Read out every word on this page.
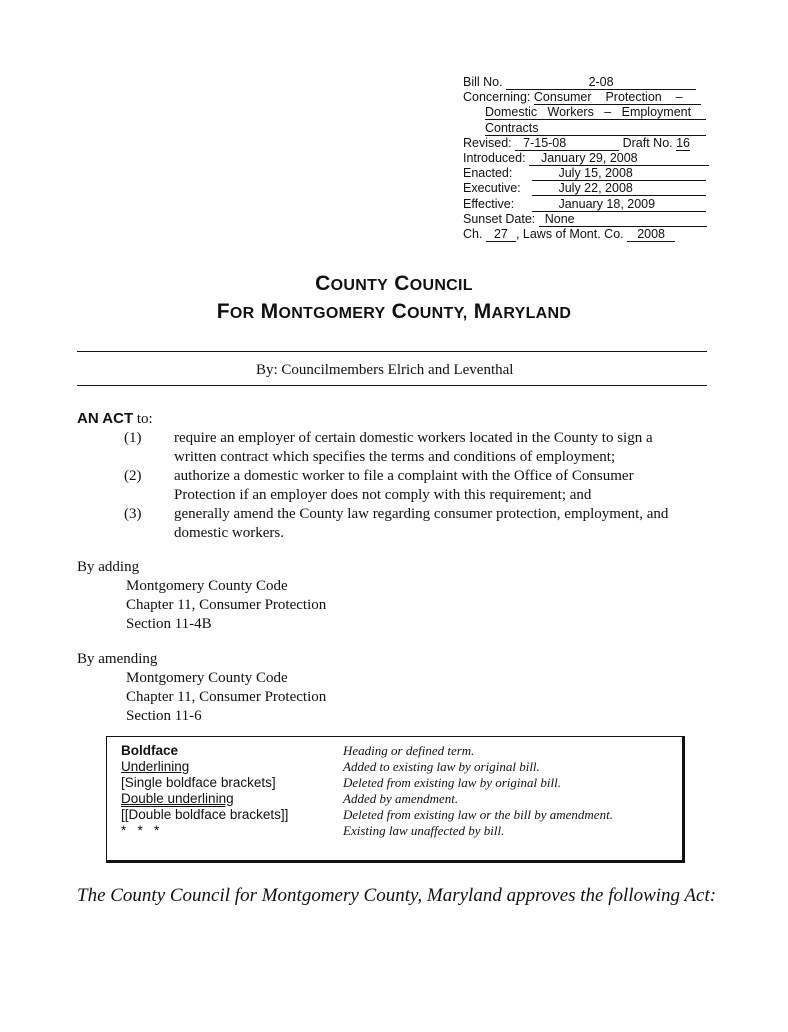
Bill No.	2-08
Concerning: Consumer    Protection    –
Domestic   Workers   –   Employment
Contracts
Revised: 7-15-08	Draft No. 16
Introduced: January 29, 2008
Enacted:	July 15, 2008
Executive:	July 22, 2008
Effective:	January 18, 2009
Sunset Date: None
Ch. 27 , Laws of Mont. Co. 2008
COUNTY COUNCIL
FOR MONTGOMERY COUNTY, MARYLAND
By: Councilmembers Elrich and Leventhal
AN ACT to:
(1)	require an employer of certain domestic workers located in the County to sign a
written contract which specifies the terms and conditions of employment;
(2)	authorize a domestic worker to file a complaint with the Office of Consumer
Protection if an employer does not comply with this requirement; and
(3)	generally amend the County law regarding consumer protection, employment, and
domestic workers.
By adding
Montgomery County Code
Chapter 11, Consumer Protection
Section 11-4B
By amending
Montgomery County Code
Chapter 11, Consumer Protection
Section 11-6
Boldface	Heading or defined term.
Underlining	Added to existing law by original bill.
[Single boldface brackets]	Deleted from existing law by original bill.
Double underlining	Added by amendment.
[[Double boldface brackets]]	Deleted from existing law or the bill by amendment.
*   *   *	Existing law unaffected by bill.
The County Council for Montgomery County, Maryland approves the following Act:
